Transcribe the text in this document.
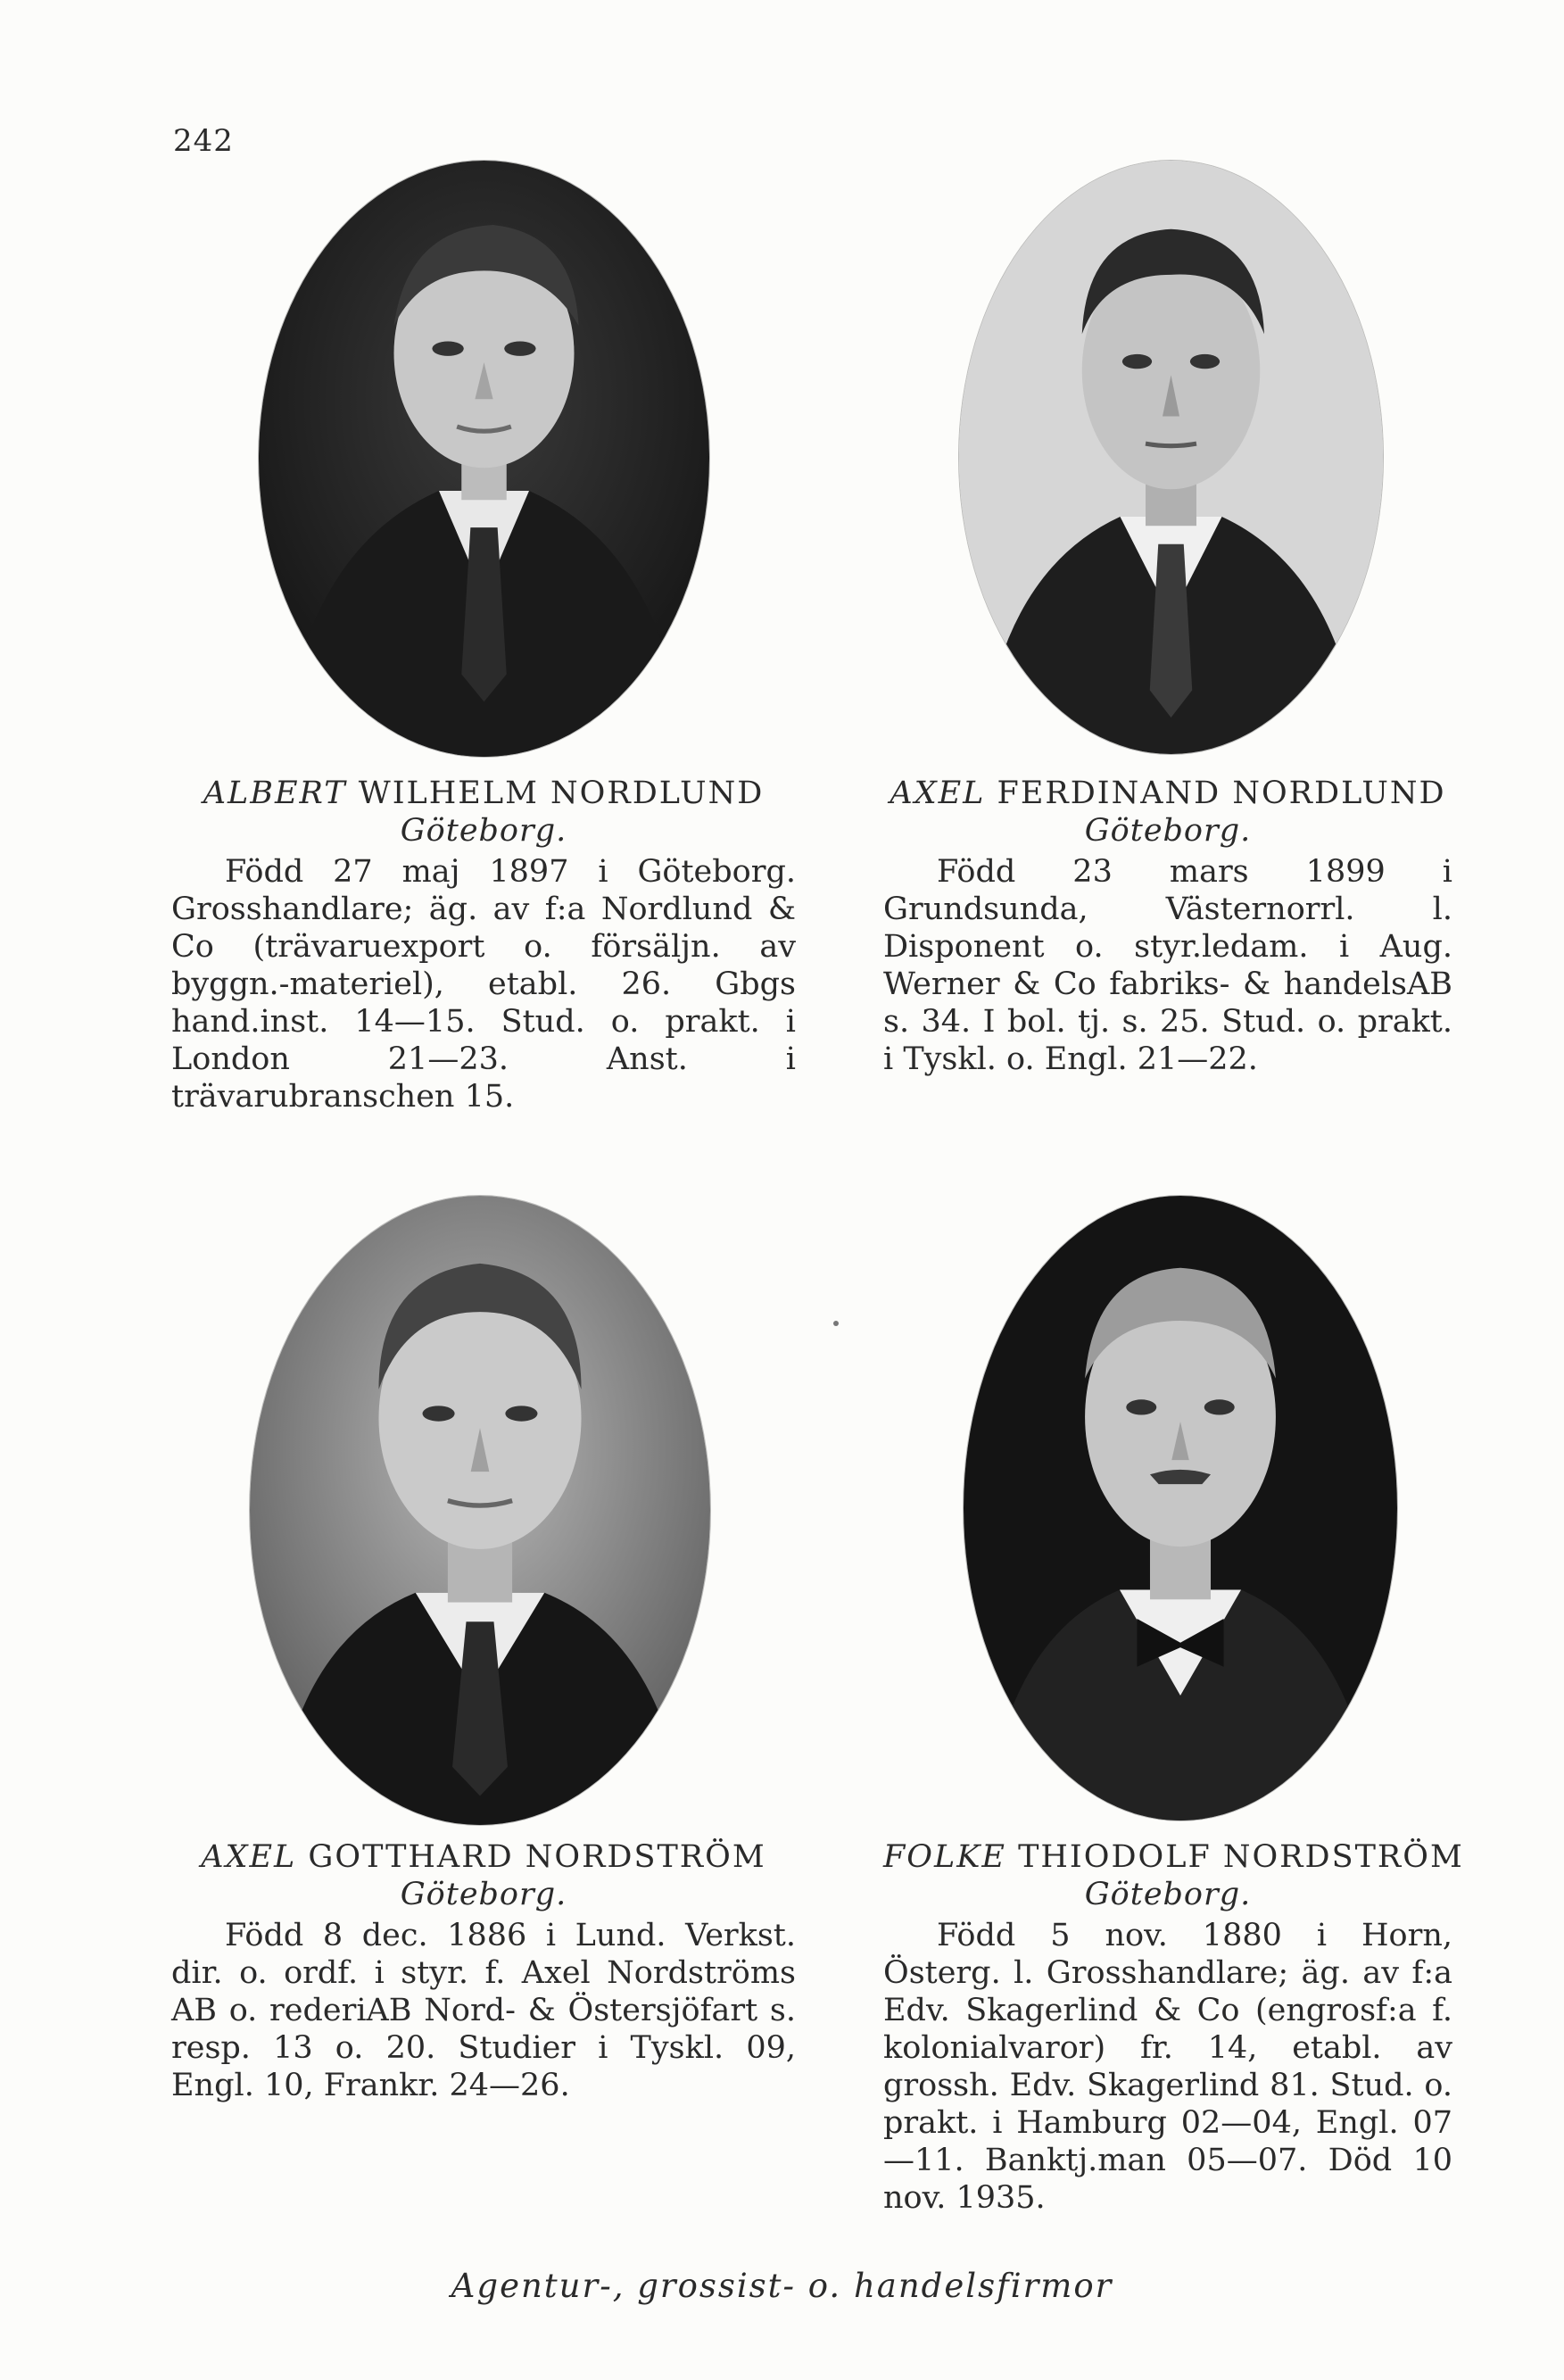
242
ALBERT WILHELM NORDLUND
Göteborg.
Född 27 maj 1897 i Göteborg. Grosshandlare; äg. av f:a Nordlund & Co (trävaruexport o. försäljn. av byggn.-materiel), etabl. 26. Gbgs hand.inst. 14—15. Stud. o. prakt. i London 21—23. Anst. i trävarubranschen 15.
AXEL FERDINAND NORDLUND
Göteborg.
Född 23 mars 1899 i Grundsunda, Västernorrl. l. Disponent o. styr.ledam. i Aug. Werner & Co fabriks- & handelsAB s. 34. I bol. tj. s. 25. Stud. o. prakt. i Tyskl. o. Engl. 21—22.
AXEL GOTTHARD NORDSTRÖM
Göteborg.
Född 8 dec. 1886 i Lund. Verkst. dir. o. ordf. i styr. f. Axel Nordströms AB o. rederiAB Nord- & Östersjöfart s. resp. 13 o. 20. Studier i Tyskl. 09, Engl. 10, Frankr. 24—26.
FOLKE THIODOLF NORDSTRÖM
Göteborg.
Född 5 nov. 1880 i Horn, Österg. l. Grosshandlare; äg. av f:a Edv. Skagerlind & Co (engrosf:a f. kolonialvaror) fr. 14, etabl. av grossh. Edv. Skagerlind 81. Stud. o. prakt. i Hamburg 02—04, Engl. 07—11. Banktj.man 05—07. Död 10 nov. 1935.
Agentur-, grossist- o. handelsfirmor
